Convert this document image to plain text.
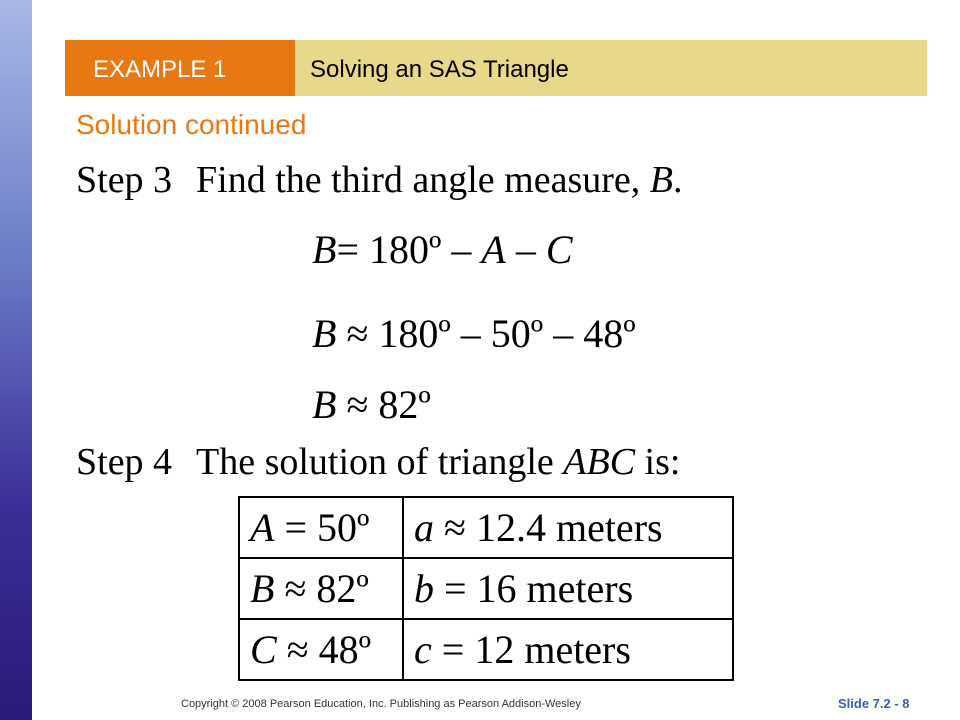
EXAMPLE 1	Solving an SAS Triangle
Solution continued
Step 3 Find the third angle measure, B.
B= 180º – A – C
B ≈ 180º – 50º – 48º
B ≈ 82º
Step 4 The solution of triangle ABC is:
A = 50º	a ≈ 12.4 meters
B ≈ 82º	b = 16 meters
C ≈ 48º	c = 12 meters
Copyright © 2008 Pearson Education, Inc. Publishing as Pearson Addison-Wesley	Slide 7.2 - 8
